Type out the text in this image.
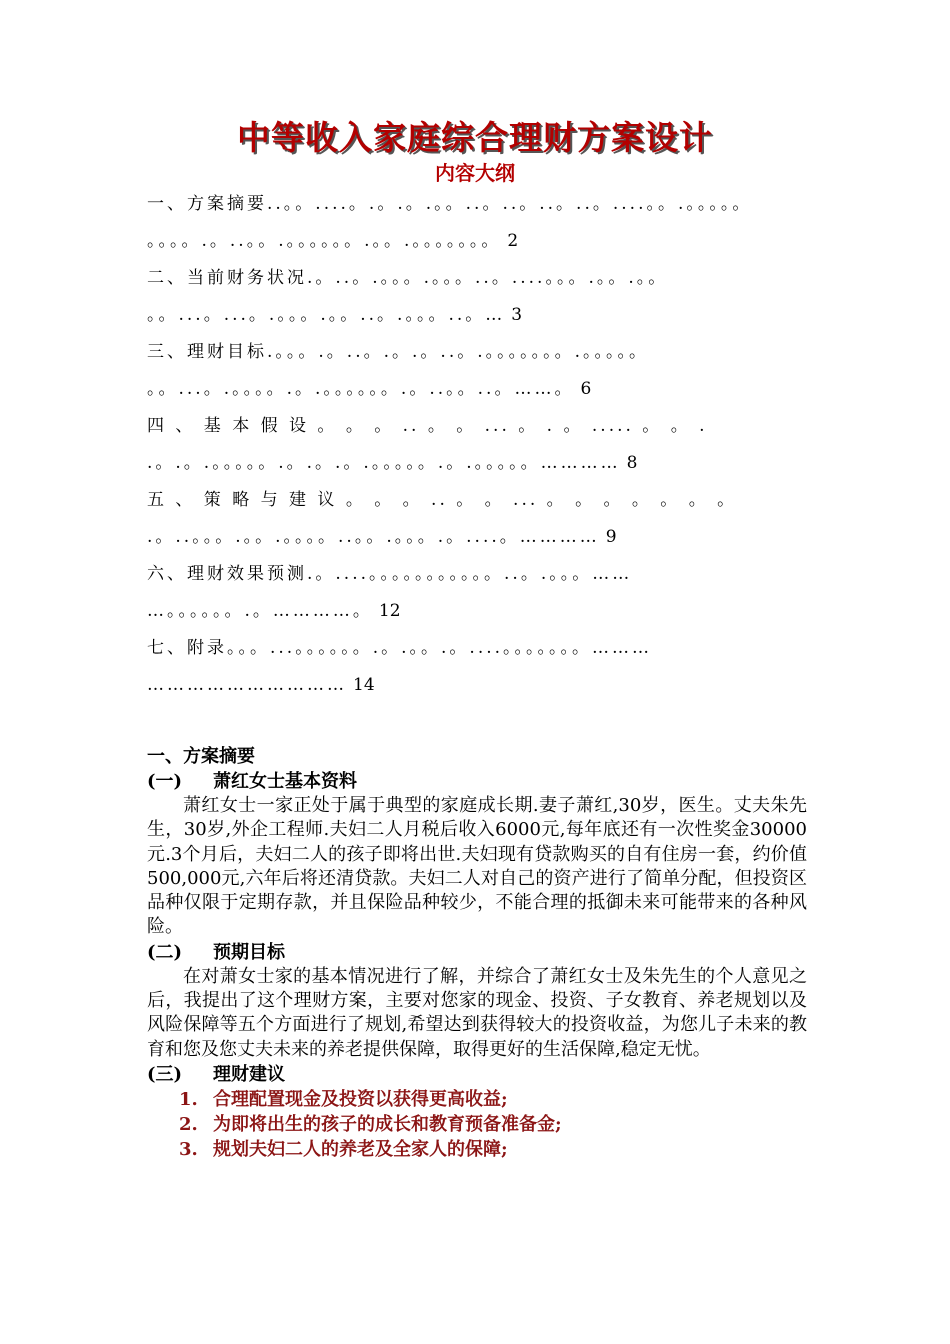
中等收入家庭综合理财方案设计
内容大纲
一、方案摘要..。。....。.。.。.。。..。..。..。..。....。。.。。。。。
。。。。.。..。。.。。。。。。.。。.。。。。。。。 2
二、当前财务状况.。..。.。。。.。。。..。....。。。.。。.。。
。。...。...。.。。。.。。..。.。。。..。… 3
三、理财目标.。。。.。..。.。.。..。.。。。。。。。.。。。。。
。。...。.。。。。.。.。。。。。。.。..。。..。……。 6
四 、 基 本 假 设 。 。 。 .. 。 。 ... 。 . 。 ..... 。 。 .
.。.。.。。。。。.。.。.。.。。。。。.。.。。。。。………… 8
五 、 策 略 与 建 议 。 。 。 .. 。 。 ... 。 。 。 。 。 。 。
.。..。。。.。。.。。。。..。。.。。。.。....。………… 9
六、理财效果预测.。....。。。。。。。。。。。..。.。。。……
…。。。。。。.。…………。 12
七、附录。。。...。。。。。。.。.。。.。....。。。。。。。………
………………………… 14
一、方案摘要
(一) 萧红女士基本资料

萧红女士一家正处于属于典型的家庭成长期.妻子萧红,30岁，医生。丈夫朱先生，30岁,外企工程师.夫妇二人月税后收入6000元,每年底还有一次性奖金30000元.3个月后，夫妇二人的孩子即将出世.夫妇现有贷款购买的自有住房一套，约价值500,000元,六年后将还清贷款。夫妇二人对自己的资产进行了简单分配，但投资区品种仅限于定期存款，并且保险品种较少，不能合理的抵御未来可能带来的各种风险。

(二) 预期目标

在对萧女士家的基本情况进行了解，并综合了萧红女士及朱先生的个人意见之后，我提出了这个理财方案，主要对您家的现金、投资、子女教育、养老规划以及风险保障等五个方面进行了规划,希望达到获得较大的投资收益，为您儿子未来的教育和您及您丈夫未来的养老提供保障，取得更好的生活保障,稳定无忧。

(三) 理财建议
1. 合理配置现金及投资以获得更高收益;
2. 为即将出生的孩子的成长和教育预备准备金;
3. 规划夫妇二人的养老及全家人的保障;
